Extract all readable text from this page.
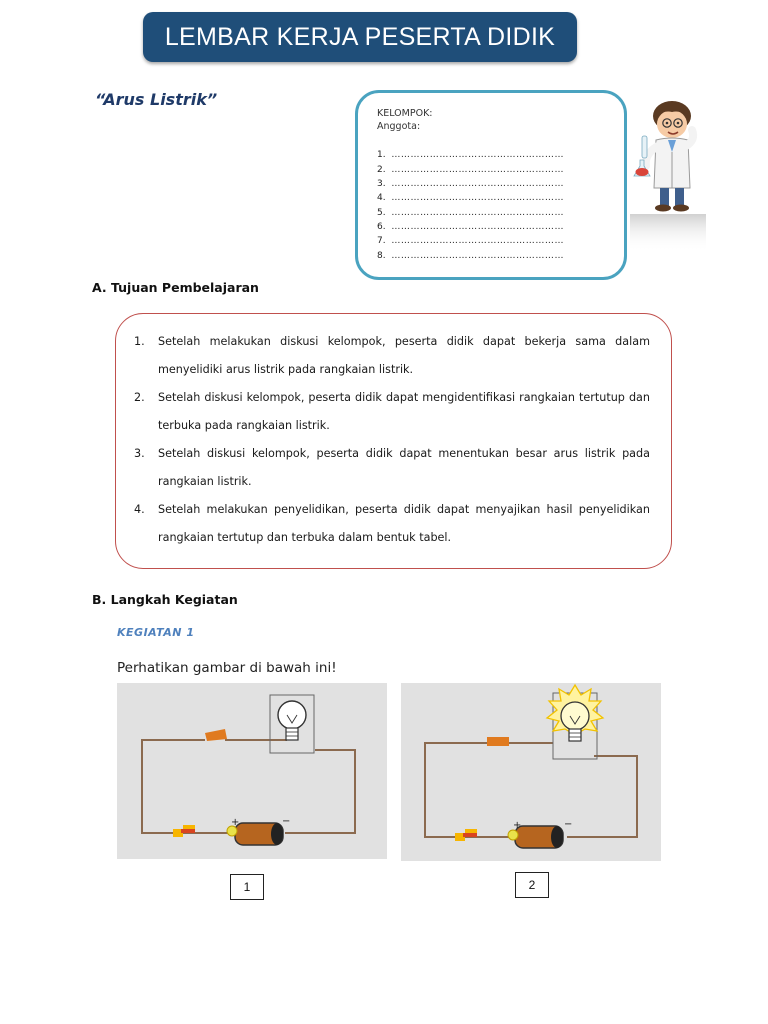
LEMBAR KERJA PESERTA DIDIK
“Arus Listrik”
KELOMPOK:
Anggota:
1. ………………………………………………
2. ………………………………………………
3. ………………………………………………
4. ………………………………………………
5. ………………………………………………
6. ………………………………………………
7. ………………………………………………
8. ………………………………………………
A. Tujuan Pembelajaran
1.	Setelah melakukan diskusi kelompok, peserta didik dapat bekerja sama dalam menyelidiki arus listrik pada rangkaian listrik.
2.	Setelah diskusi kelompok, peserta didik dapat mengidentifikasi rangkaian tertutup dan terbuka pada rangkaian listrik.
3.	Setelah diskusi kelompok, peserta didik dapat menentukan besar arus listrik pada rangkaian listrik.
4.	Setelah melakukan penyelidikan, peserta didik dapat menyajikan hasil penyelidikan rangkaian tertutup dan terbuka dalam bentuk tabel.
B. Langkah Kegiatan
KEGIATAN 1
Perhatikan gambar di bawah ini!
+	−
1
+	−
2
